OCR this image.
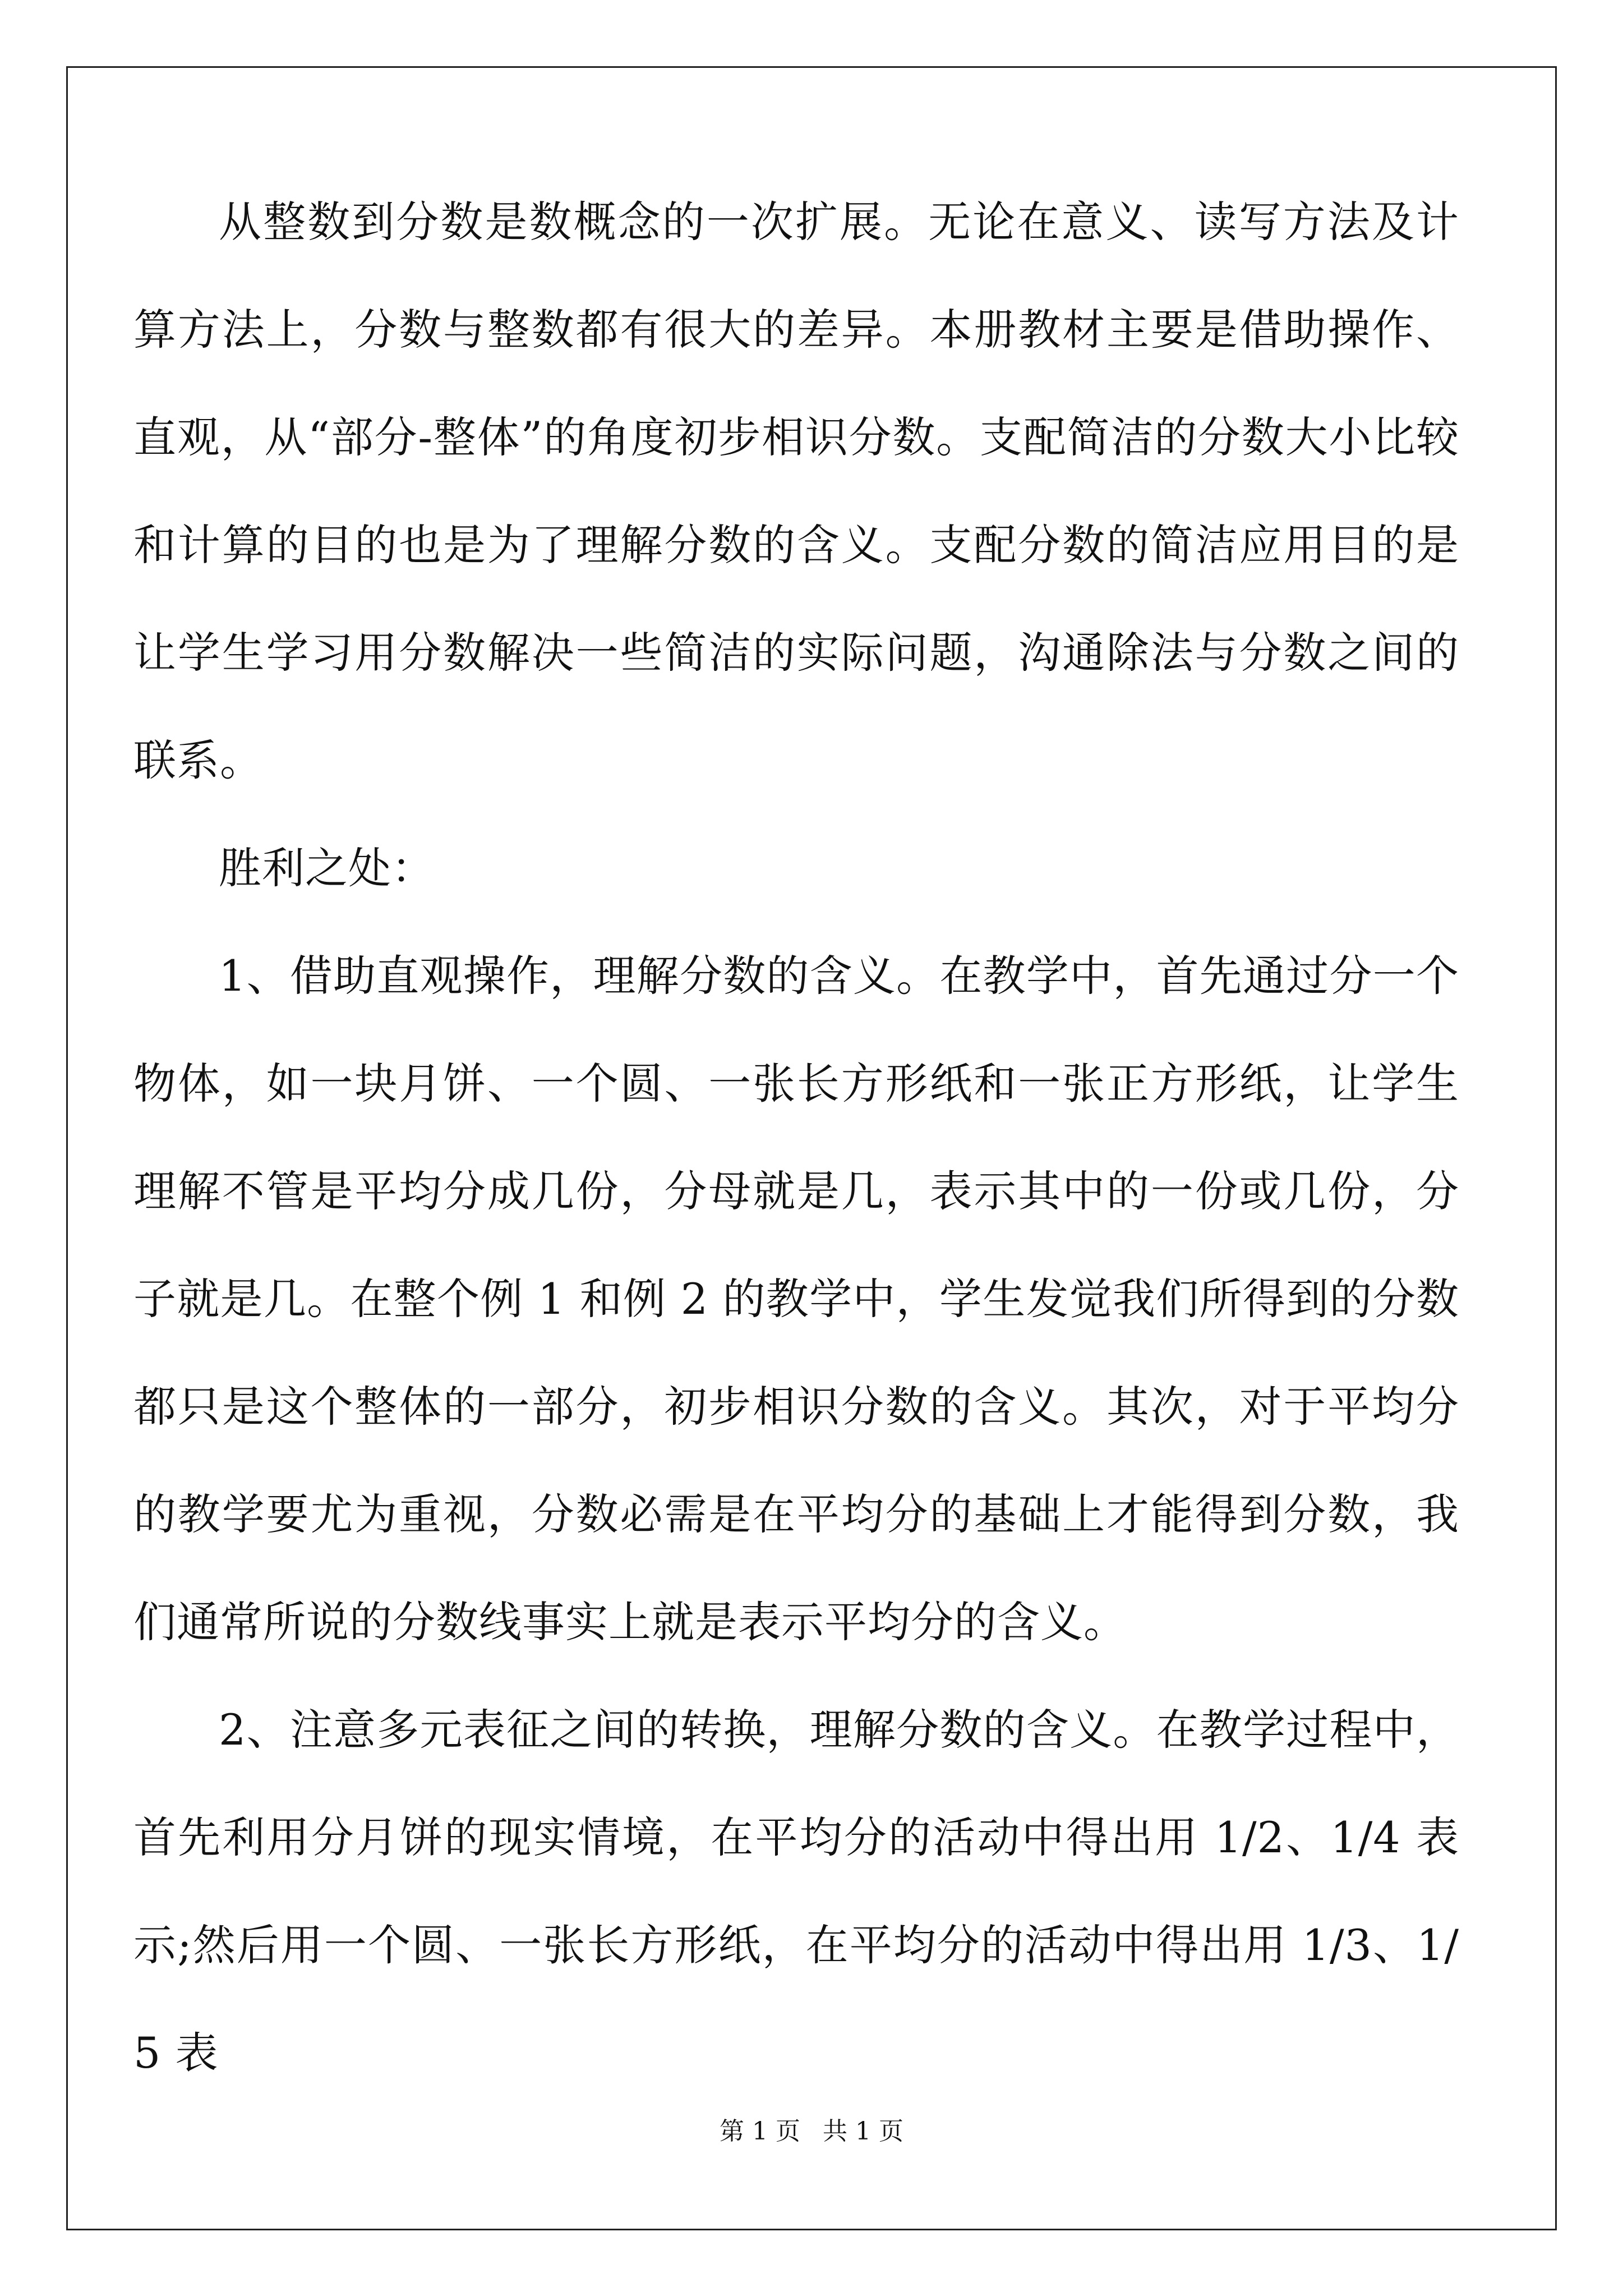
从整数到分数是数概念的一次扩展。无论在意义、读写方法及计算方法上，分数与整数都有很大的差异。本册教材主要是借助操作、直观，从“部分-整体”的角度初步相识分数。支配简洁的分数大小比较和计算的目的也是为了理解分数的含义。支配分数的简洁应用目的是让学生学习用分数解决一些简洁的实际问题，沟通除法与分数之间的联系。

胜利之处：

1、借助直观操作，理解分数的含义。在教学中，首先通过分一个物体，如一块月饼、一个圆、一张长方形纸和一张正方形纸，让学生理解不管是平均分成几份，分母就是几，表示其中的一份或几份，分子就是几。在整个例 1 和例 2 的教学中，学生发觉我们所得到的分数都只是这个整体的一部分，初步相识分数的含义。其次，对于平均分的教学要尤为重视，分数必需是在平均分的基础上才能得到分数，我们通常所说的分数线事实上就是表示平均分的含义。

2、注意多元表征之间的转换，理解分数的含义。在教学过程中，首先利用分月饼的现实情境，在平均分的活动中得出用 1/2、1/4 表示;然后用一个圆、一张长方形纸，在平均分的活动中得出用 1/3、1/5 表

第 1 页 共 1 页
